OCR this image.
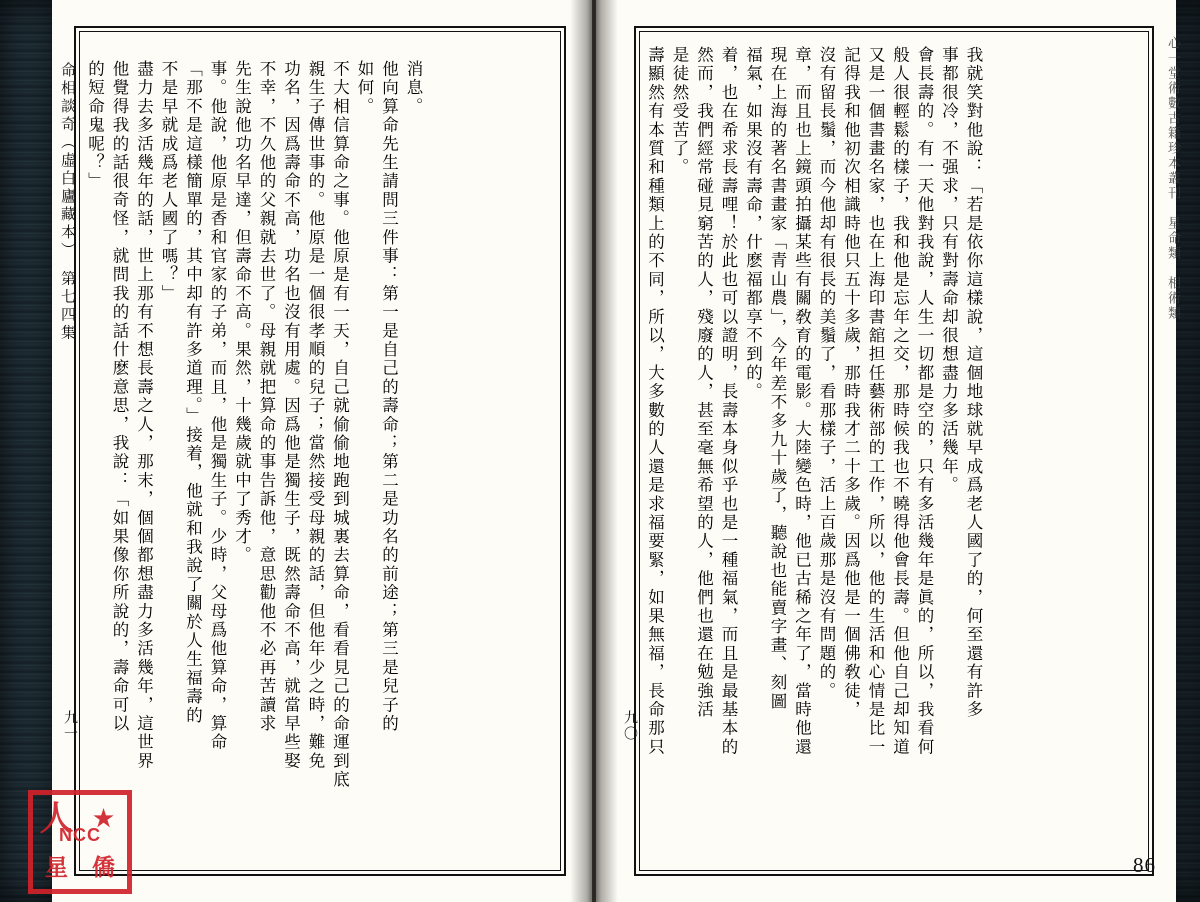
命相談奇（虛白廬藏本）　第七四集	心一堂術數古籍珍本叢刊　星命類　相術類
的短命鬼呢？」 他覺得我的話很奇怪，就問我的話什麽意思，我說：「如果像你所說的，壽命可以 盡力去多活幾年的話，世上那有不想長壽之人，那末，個個都想盡力多活幾年，這世界 不是早就成爲老人國了嗎？」 「那不是這樣簡單的，其中却有許多道理。」接着，他就和我說了關於人生福壽的 事。他說，他原是香和官家的子弟，而且，他是獨生子。少時，父母爲他算命，算命 先生說他功名早達，但壽命不高。果然，十幾歲就中了秀才。 不幸，不久他的父親就去世了。母親就把算命的事告訴他，意思勸他不必再苦讀求 功名，因爲壽命不高，功名也沒有用處。因爲他是獨生子，既然壽命不高，就當早些娶 親生子傳世事的。他原是一個很孝順的兒子；當然接受母親的話，但他年少之時，難免 不大相信算命之事。他原是有一天，自己就偷偷地跑到城裏去算命，看看見己的命運到底 如何。 他向算命先生請問三件事：第一是自己的壽命；第二是功名的前途；第三是兒子的 消息。	壽顯然有本質和種類上的不同，所以，大多數的人還是求福要緊，如果無福，長命那只 是徒然受苦了。 然而，我們經常碰見窮苦的人，殘廢的人，甚至毫無希望的人，他們也還在勉強活 着，也在希求長壽哩！於此也可以證明，長壽本身似乎也是一種福氣，而且是最基本的 福氣，如果沒有壽命，什麽福都享不到的。 現在上海的著名書畫家「青山農」，今年差不多九十歲了，聽說也能賣字畫、刻圖 章，而且也上鏡頭拍攝某些有關敎育的電影。大陸變色時，他已古稀之年了，當時他還 沒有留長鬚，而今他却有很長的美鬚了，看那樣子，活上百歲那是沒有問題的。 記得我和他初次相識時他只五十多歲，那時我才二十多歲。因爲他是一個佛敎徒， 又是一個書畫名家，也在上海印書舘担任藝術部的工作，所以，他的生活和心情是比一 般人很輕鬆的樣子，我和他是忘年之交，那時候我也不曉得他會長壽。但他自己却知道 會長壽的。有一天他對我說，人生一切都是空的，只有多活幾年是眞的，所以，我看何 事都很冷，不强求，只有對壽命却很想盡力多活幾年。 我就笑對他說：「若是依你這樣說，這個地球就早成爲老人國了的，何至還有許多
九一	九〇
86
人 ★
星	僑
NCC
